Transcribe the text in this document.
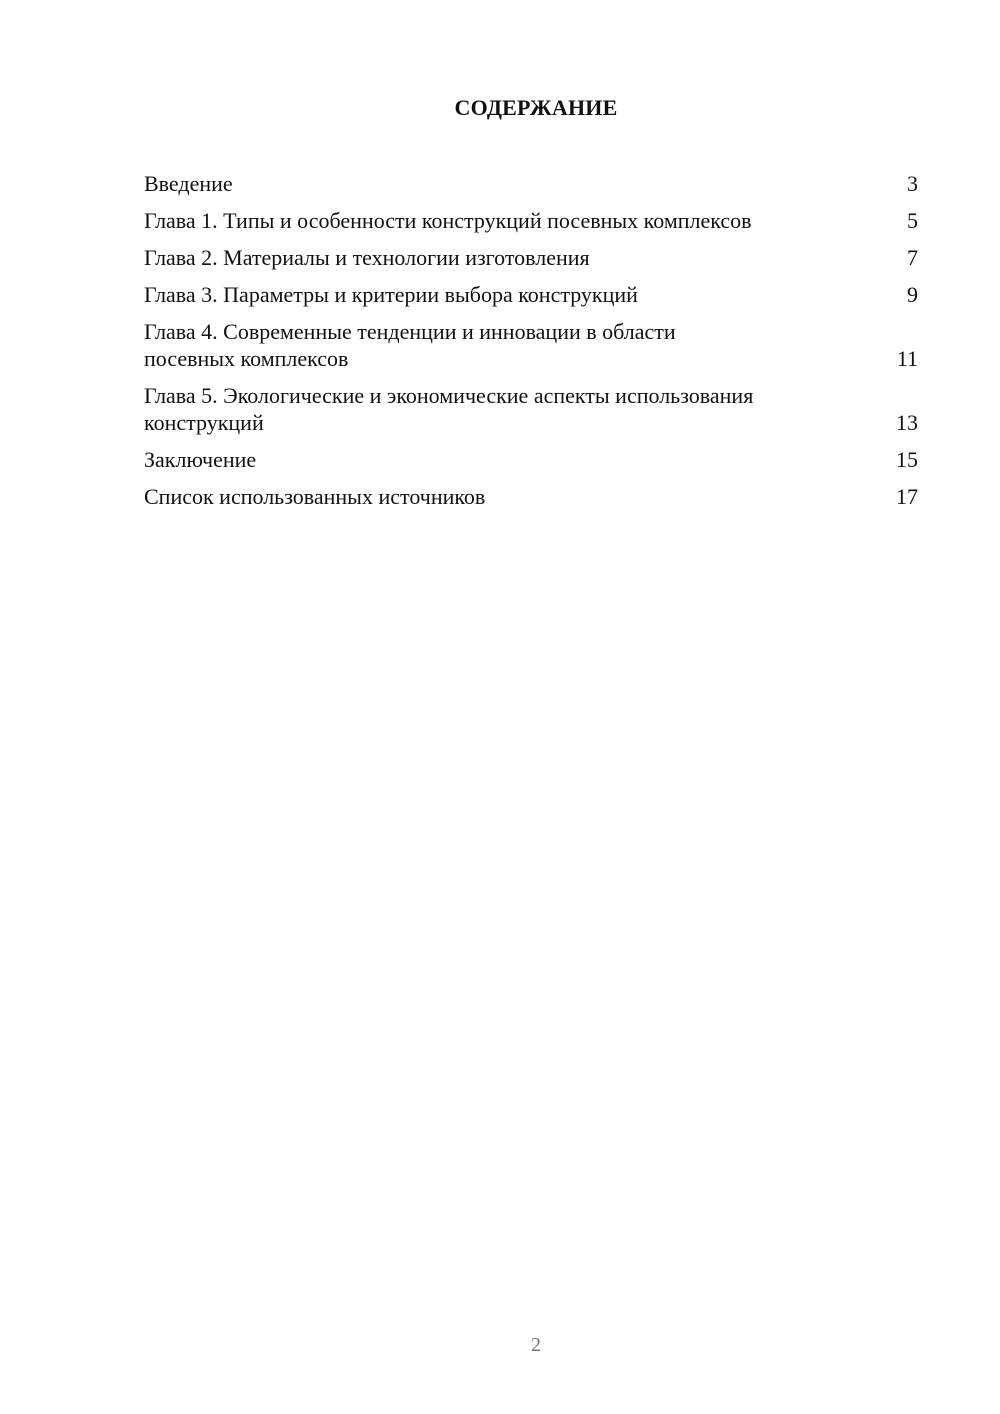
СОДЕРЖАНИЕ
Введение	3
Глава 1. Типы и особенности конструкций посевных комплексов	5
Глава 2. Материалы и технологии изготовления	7
Глава 3. Параметры и критерии выбора конструкций	9
Глава 4. Современные тенденции и инновации в области посевных комплексов	11
Глава 5. Экологические и экономические аспекты использования конструкций	13
Заключение	15
Список использованных источников	17
2
